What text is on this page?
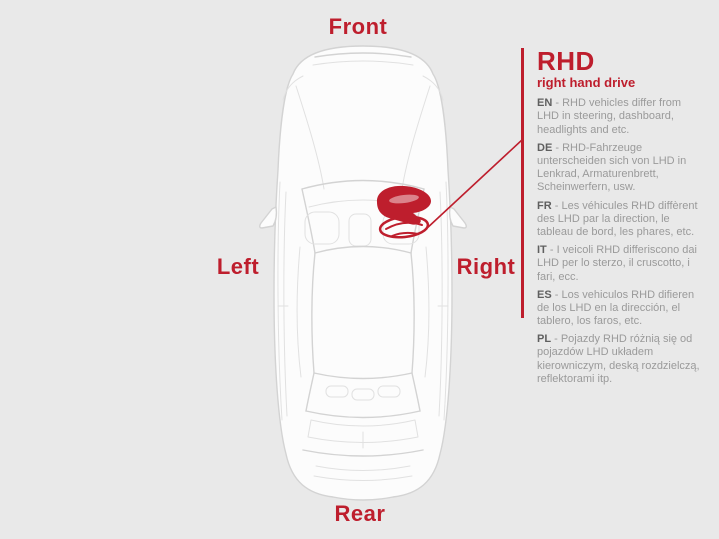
Front
Left	Right
Rear
RHD
right hand drive

EN - RHD vehicles differ from LHD in steering, dashboard, headlights and etc.

DE - RHD-Fahrzeuge unterscheiden sich von LHD in Lenkrad, Armaturenbrett, Scheinwerfern, usw.

FR - Les véhicules RHD diffèrent des LHD par la direction, le tableau de bord, les phares, etc.

IT - I veicoli RHD differiscono dai LHD per lo sterzo, il cruscotto, i fari, ecc.

ES - Los vehiculos RHD difieren de los LHD en la dirección, el tablero, los faros, etc.

PL - Pojazdy RHD różnią się od pojazdów LHD układem kierowniczym, deską rozdzielczą, reflektorami itp.
